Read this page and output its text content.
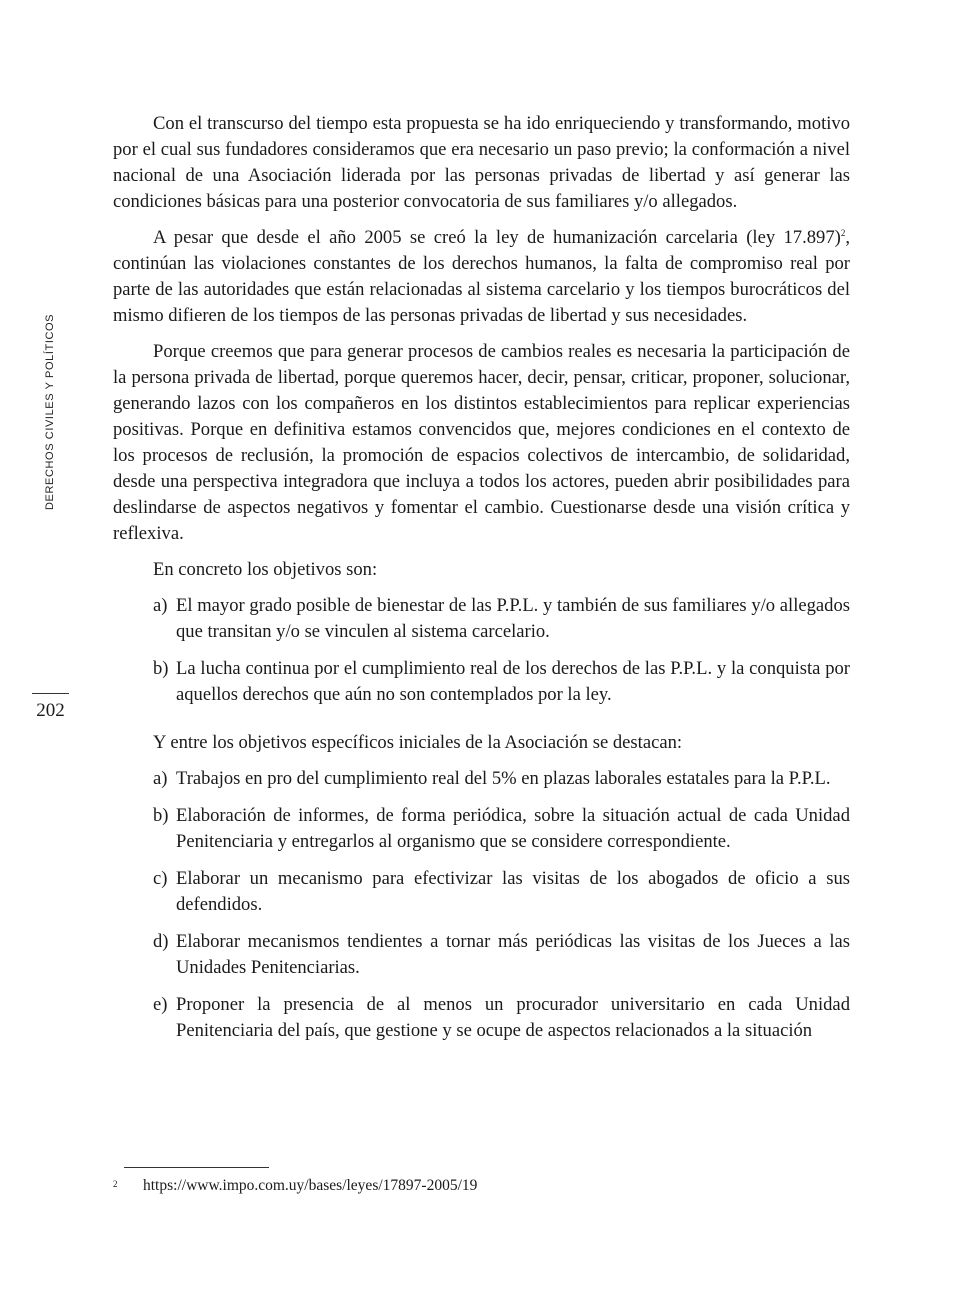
DERECHOS CIVILES Y POLÍTICOS
202

Con el transcurso del tiempo esta propuesta se ha ido enriqueciendo y transformando, motivo por el cual sus fundadores consideramos que era necesario un paso previo; la conformación a nivel nacional de una Asociación liderada por las personas privadas de libertad y así generar las condiciones básicas para una posterior convocatoria de sus familiares y/o allegados.

A pesar que desde el año 2005 se creó la ley de humanización carcelaria (ley 17.897)$^2$, continúan las violaciones constantes de los derechos humanos, la falta de compromiso real por parte de las autoridades que están relacionadas al sistema carcelario y los tiempos burocráticos del mismo difieren de los tiempos de las personas privadas de libertad y sus necesidades.

Porque creemos que para generar procesos de cambios reales es necesaria la participación de la persona privada de libertad, porque queremos hacer, decir, pensar, criticar, proponer, solucionar, generando lazos con los compañeros en los distintos establecimientos para replicar experiencias positivas. Porque en definitiva estamos convencidos que, mejores condiciones en el contexto de los procesos de reclusión, la promoción de espacios colectivos de intercambio, de solidaridad, desde una perspectiva integradora que incluya a todos los actores, pueden abrir posibilidades para deslindarse de aspectos negativos y fomentar el cambio. Cuestionarse desde una visión crítica y reflexiva.

En concreto los objetivos son:

a) El mayor grado posible de bienestar de las P.P.L. y también de sus familiares y/o allegados que transitan y/o se vinculen al sistema carcelario.
b) La lucha continua por el cumplimiento real de los derechos de las P.P.L. y la conquista por aquellos derechos que aún no son contemplados por la ley.

Y entre los objetivos específicos iniciales de la Asociación se destacan:

a) Trabajos en pro del cumplimiento real del 5% en plazas laborales estatales para la P.P.L.
b) Elaboración de informes, de forma periódica, sobre la situación actual de cada Unidad Penitenciaria y entregarlos al organismo que se considere correspondiente.
c) Elaborar un mecanismo para efectivizar las visitas de los abogados de oficio a sus defendidos.
d) Elaborar mecanismos tendientes a tornar más periódicas las visitas de los Jueces a las Unidades Penitenciarias.
e) Proponer la presencia de al menos un procurador universitario en cada Unidad Penitenciaria del país, que gestione y se ocupe de aspectos relacionados a la situación
2 https://www.impo.com.uy/bases/leyes/17897-2005/19
